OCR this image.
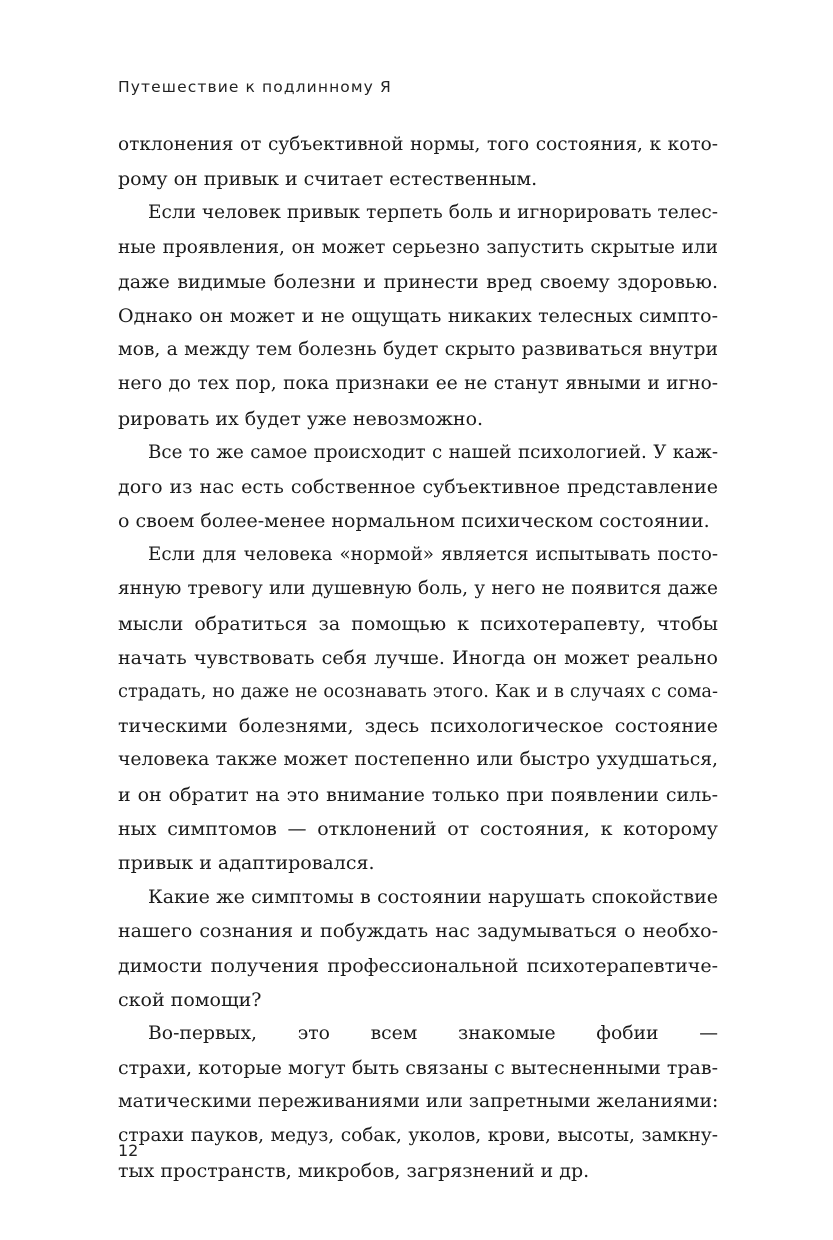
Путешествие к подлинному Я
отклонения от субъективной нормы, того состояния, к кото-
рому он привык и считает естественным.
Если человек привык терпеть боль и игнорировать телес-
ные проявления, он может серьезно запустить скрытые или
даже видимые болезни и принести вред своему здоровью.
Однако он может и не ощущать никаких телесных симпто-
мов, а между тем болезнь будет скрыто развиваться внутри
него до тех пор, пока признаки ее не станут явными и игно-
рировать их будет уже невозможно.
Все то же самое происходит с нашей психологией. У каж-
дого из нас есть собственное субъективное представление
о своем более-менее нормальном психическом состоянии.
Если для человека «нормой» является испытывать посто-
янную тревогу или душевную боль, у него не появится даже
мысли обратиться за помощью к психотерапевту, чтобы
начать чувствовать себя лучше. Иногда он может реально
страдать, но даже не осознавать этого. Как и в случаях с сома-
тическими болезнями, здесь психологическое состояние
человека также может постепенно или быстро ухудшаться,
и он обратит на это внимание только при появлении силь-
ных симптомов — отклонений от состояния, к которому
привык и адаптировался.
Какие же симптомы в состоянии нарушать спокойствие
нашего сознания и побуждать нас задумываться о необхо-
димости получения профессиональной психотерапевтиче-
ской помощи?
Во-первых, это всем знакомые фобии —
страхи, которые могут быть связаны с вытесненными трав-
матическими переживаниями или запретными желаниями:
страхи пауков, медуз, собак, уколов, крови, высоты, замкну-
тых пространств, микробов, загрязнений и др.
12
